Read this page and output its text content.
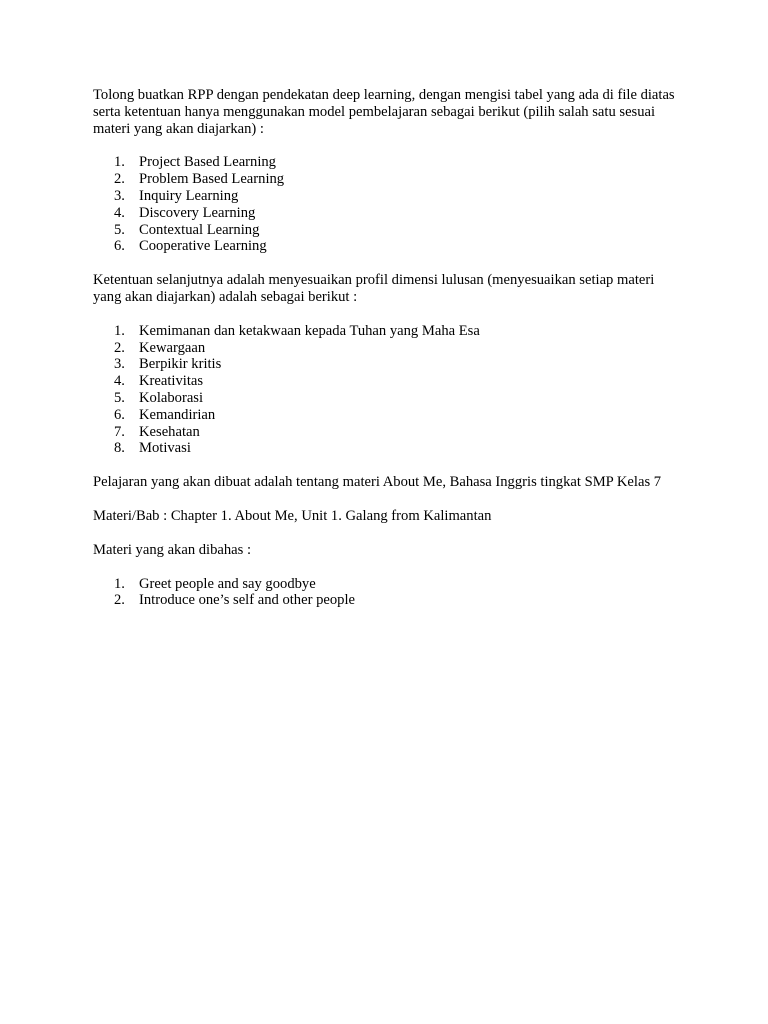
Tolong buatkan RPP dengan pendekatan deep learning, dengan mengisi tabel yang ada di file diatas serta ketentuan hanya menggunakan model pembelajaran sebagai berikut (pilih salah satu sesuai materi yang akan diajarkan) :

1. Project Based Learning
2. Problem Based Learning
3. Inquiry Learning
4. Discovery Learning
5. Contextual Learning
6. Cooperative Learning

Ketentuan selanjutnya adalah menyesuaikan profil dimensi lulusan (menyesuaikan setiap materi yang akan diajarkan) adalah sebagai berikut :

1. Kemimanan dan ketakwaan kepada Tuhan yang Maha Esa
2. Kewargaan
3. Berpikir kritis
4. Kreativitas
5. Kolaborasi
6. Kemandirian
7. Kesehatan
8. Motivasi

Pelajaran yang akan dibuat adalah tentang materi About Me, Bahasa Inggris tingkat SMP Kelas 7

Materi/Bab : Chapter 1. About Me, Unit 1. Galang from Kalimantan

Materi yang akan dibahas :

1. Greet people and say goodbye
2. Introduce one’s self and other people
